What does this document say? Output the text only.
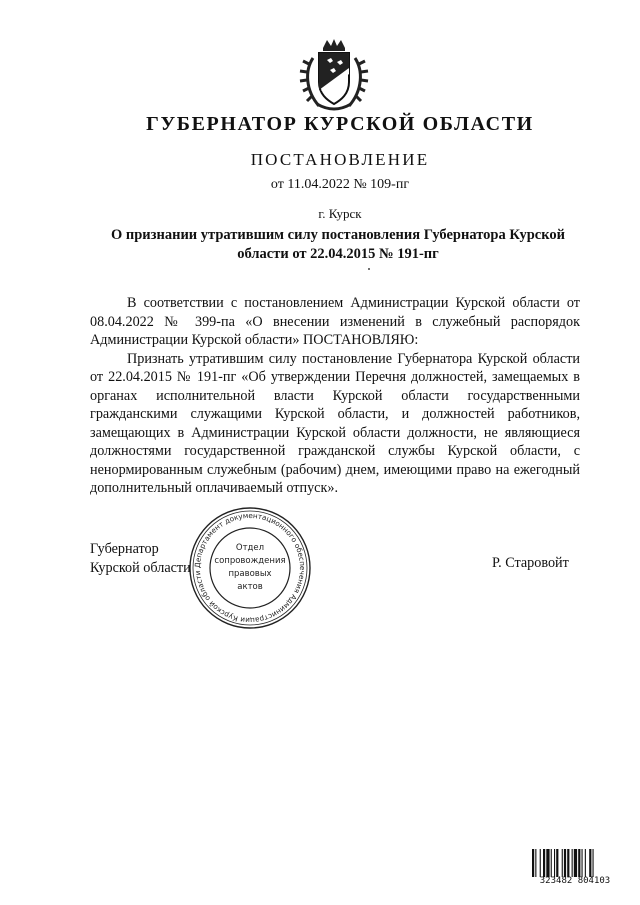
ГУБЕРНАТОР КУРСКОЙ ОБЛАСТИ
ПОСТАНОВЛЕНИЕ
от 11.04.2022 № 109-пг
г. Курск
О признании утратившим силу постановления Губернатора Курской области от 22.04.2015 № 191-пг

В соответствии с постановлением Администрации Курской области от 08.04.2022 № 399-па «О внесении изменений в служебный распорядок Администрации Курской области» ПОСТАНОВЛЯЮ:

Признать утратившим силу постановление Губернатора Курской области от 22.04.2015 № 191-пг «Об утверждении Перечня должностей, замещаемых в органах исполнительной власти Курской области государственными гражданскими служащими Курской области, и должностей работников, замещающих в Администрации Курской области должности, не являющиеся должностями государственной гражданской службы Курской области, с ненормированным служебным (рабочим) днем, имеющими право на ежегодный дополнительный оплачиваемый отпуск».

Губернатор
Курской области	Р. Старовойт
Департамент документационного обеспечения Администрации Курской области
Отдел
сопровождения
правовых
актов
323482 804103
